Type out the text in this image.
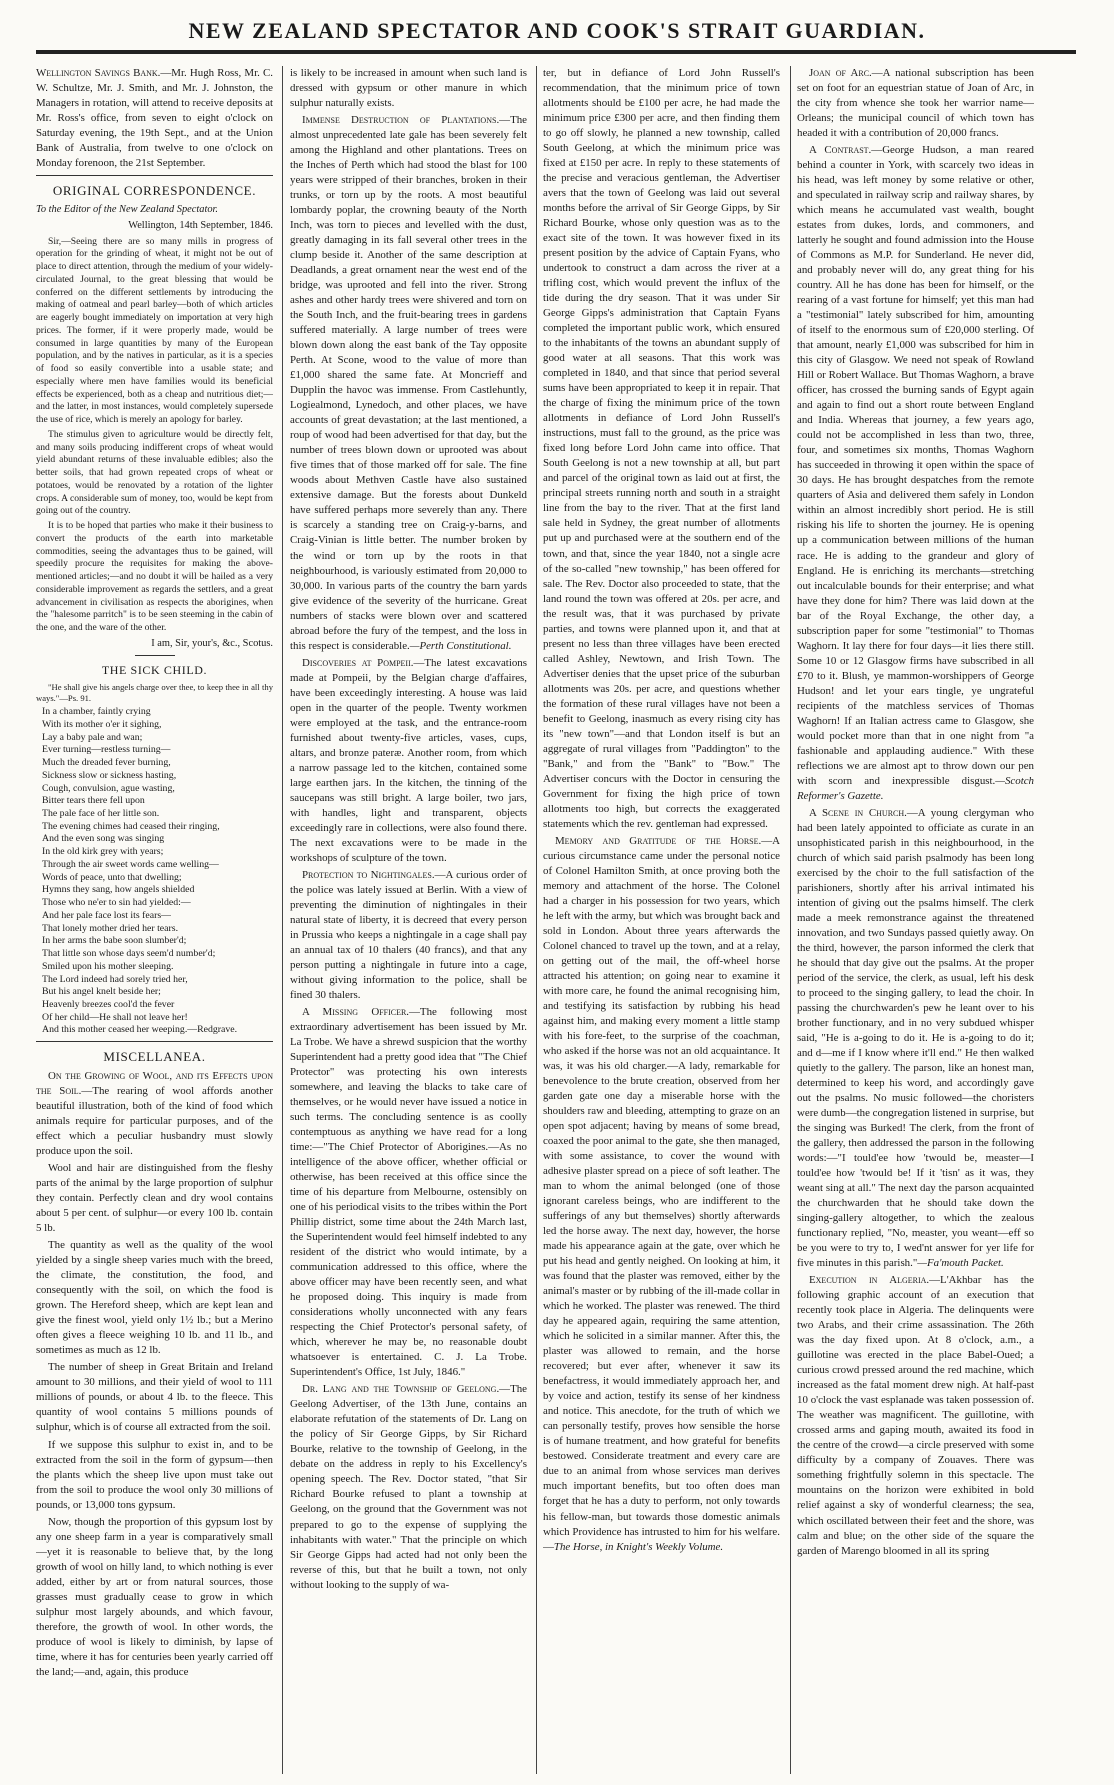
NEW ZEALAND SPECTATOR AND COOK'S STRAIT GUARDIAN.

Wellington Savings Bank.—Mr. Hugh Ross, Mr. C. W. Schultze, Mr. J. Smith, and Mr. J. Johnston, the Managers in rotation, will attend to receive deposits at Mr. Ross's office, from seven to eight o'clock on Saturday evening, the 19th Sept., and at the Union Bank of Australia, from twelve to one o'clock on Monday forenoon, the 21st September.

ORIGINAL CORRESPONDENCE.

To the Editor of the New Zealand Spectator.

Wellington, 14th September, 1846.

Sir,—Seeing there are so many mills in progress of operation for the grinding of wheat, it might not be out of place to direct attention, through the medium of your widely-circulated Journal, to the great blessing that would be conferred on the different settlements by introducing the making of oatmeal and pearl barley—both of which articles are eagerly bought immediately on importation at very high prices. The former, if it were properly made, would be consumed in large quantities by many of the European population, and by the natives in particular, as it is a species of food so easily convertible into a usable state; and especially where men have families would its beneficial effects be experienced, both as a cheap and nutritious diet;—and the latter, in most instances, would completely supersede the use of rice, which is merely an apology for barley.

The stimulus given to agriculture would be directly felt, and many soils producing indifferent crops of wheat would yield abundant returns of these invaluable edibles; also the better soils, that had grown repeated crops of wheat or potatoes, would be renovated by a rotation of the lighter crops. A considerable sum of money, too, would be kept from going out of the country.

It is to be hoped that parties who make it their business to convert the products of the earth into marketable commodities, seeing the advantages thus to be gained, will speedily procure the requisites for making the above-mentioned articles;—and no doubt it will be hailed as a very considerable improvement as regards the settlers, and a great advancement in civilisation as respects the aborigines, when the "halesome parritch" is to be seen steeming in the cabin of the one, and the ware of the other.

I am, Sir, your's, &c., Scotus.

THE SICK CHILD.

"He shall give his angels charge over thee, to keep thee in all thy ways."—Ps. 91.

In a chamber, faintly crying
With its mother o'er it sighing,
Lay a baby pale and wan;
Ever turning—restless turning—
Much the dreaded fever burning,
Sickness slow or sickness hasting,
Cough, convulsion, ague wasting,
Bitter tears there fell upon
The pale face of her little son.
The evening chimes had ceased their ringing,
And the even song was singing
In the old kirk grey with years;
Through the air sweet words came welling—
Words of peace, unto that dwelling;
Hymns they sang, how angels shielded
Those who ne'er to sin had yielded:—
And her pale face lost its fears—
That lonely mother dried her tears.
In her arms the babe soon slumber'd;
That little son whose days seem'd number'd;
Smiled upon his mother sleeping.
The Lord indeed had sorely tried her,
But his angel knelt beside her;
Heavenly breezes cool'd the fever
Of her child—He shall not leave her!
And this mother ceased her weeping.—Redgrave.
MISCELLANEA.

On the Growing of Wool, and its Effects upon the Soil.—The rearing of wool affords another beautiful illustration, both of the kind of food which animals require for particular purposes, and of the effect which a peculiar husbandry must slowly produce upon the soil.

Wool and hair are distinguished from the fleshy parts of the animal by the large proportion of sulphur they contain. Perfectly clean and dry wool contains about 5 per cent. of sulphur—or every 100 lb. contain 5 lb.

The quantity as well as the quality of the wool yielded by a single sheep varies much with the breed, the climate, the constitution, the food, and consequently with the soil, on which the food is grown. The Hereford sheep, which are kept lean and give the finest wool, yield only 1½ lb.; but a Merino often gives a fleece weighing 10 lb. and 11 lb., and sometimes as much as 12 lb.

The number of sheep in Great Britain and Ireland amount to 30 millions, and their yield of wool to 111 millions of pounds, or about 4 lb. to the fleece. This quantity of wool contains 5 millions pounds of sulphur, which is of course all extracted from the soil.

If we suppose this sulphur to exist in, and to be extracted from the soil in the form of gypsum—then the plants which the sheep live upon must take out from the soil to produce the wool only 30 millions of pounds, or 13,000 tons gypsum.

Now, though the proportion of this gypsum lost by any one sheep farm in a year is comparatively small—yet it is reasonable to believe that, by the long growth of wool on hilly land, to which nothing is ever added, either by art or from natural sources, those grasses must gradually cease to grow in which sulphur most largely abounds, and which favour, therefore, the growth of wool. In other words, the produce of wool is likely to diminish, by lapse of time, where it has for centuries been yearly carried off the land;—and, again, this produce

is likely to be increased in amount when such land is dressed with gypsum or other manure in which sulphur naturally exists.

Immense Destruction of Plantations.—The almost unprecedented late gale has been severely felt among the Highland and other plantations. Trees on the Inches of Perth which had stood the blast for 100 years were stripped of their branches, broken in their trunks, or torn up by the roots. A most beautiful lombardy poplar, the crowning beauty of the North Inch, was torn to pieces and levelled with the dust, greatly damaging in its fall several other trees in the clump beside it. Another of the same description at Deadlands, a great ornament near the west end of the bridge, was uprooted and fell into the river. Strong ashes and other hardy trees were shivered and torn on the South Inch, and the fruit-bearing trees in gardens suffered materially. A large number of trees were blown down along the east bank of the Tay opposite Perth. At Scone, wood to the value of more than £1,000 shared the same fate. At Moncrieff and Dupplin the havoc was immense. From Castlehuntly, Logiealmond, Lynedoch, and other places, we have accounts of great devastation; at the last mentioned, a roup of wood had been advertised for that day, but the number of trees blown down or uprooted was about five times that of those marked off for sale. The fine woods about Methven Castle have also sustained extensive damage. But the forests about Dunkeld have suffered perhaps more severely than any. There is scarcely a standing tree on Craig-y-barns, and Craig-Vinian is little better. The number broken by the wind or torn up by the roots in that neighbourhood, is variously estimated from 20,000 to 30,000. In various parts of the country the barn yards give evidence of the severity of the hurricane. Great numbers of stacks were blown over and scattered abroad before the fury of the tempest, and the loss in this respect is considerable.—Perth Constitutional.

Discoveries at Pompeii.—The latest excavations made at Pompeii, by the Belgian charge d'affaires, have been exceedingly interesting. A house was laid open in the quarter of the people. Twenty workmen were employed at the task, and the entrance-room furnished about twenty-five articles, vases, cups, altars, and bronze pateræ. Another room, from which a narrow passage led to the kitchen, contained some large earthen jars. In the kitchen, the tinning of the saucepans was still bright. A large boiler, two jars, with handles, light and transparent, objects exceedingly rare in collections, were also found there. The next excavations were to be made in the workshops of sculpture of the town.

Protection to Nightingales.—A curious order of the police was lately issued at Berlin. With a view of preventing the diminution of nightingales in their natural state of liberty, it is decreed that every person in Prussia who keeps a nightingale in a cage shall pay an annual tax of 10 thalers (40 francs), and that any person putting a nightingale in future into a cage, without giving information to the police, shall be fined 30 thalers.

A Missing Officer.—The following most extraordinary advertisement has been issued by Mr. La Trobe. We have a shrewd suspicion that the worthy Superintendent had a pretty good idea that "The Chief Protector" was protecting his own interests somewhere, and leaving the blacks to take care of themselves, or he would never have issued a notice in such terms. The concluding sentence is as coolly contemptuous as anything we have read for a long time:—"The Chief Protector of Aborigines.—As no intelligence of the above officer, whether official or otherwise, has been received at this office since the time of his departure from Melbourne, ostensibly on one of his periodical visits to the tribes within the Port Phillip district, some time about the 24th March last, the Superintendent would feel himself indebted to any resident of the district who would intimate, by a communication addressed to this office, where the above officer may have been recently seen, and what he proposed doing. This inquiry is made from considerations wholly unconnected with any fears respecting the Chief Protector's personal safety, of which, wherever he may be, no reasonable doubt whatsoever is entertained. C. J. La Trobe. Superintendent's Office, 1st July, 1846."

Dr. Lang and the Township of Geelong.—The Geelong Advertiser, of the 13th June, contains an elaborate refutation of the statements of Dr. Lang on the policy of Sir George Gipps, by Sir Richard Bourke, relative to the township of Geelong, in the debate on the address in reply to his Excellency's opening speech. The Rev. Doctor stated, "that Sir Richard Bourke refused to plant a township at Geelong, on the ground that the Government was not prepared to go to the expense of supplying the inhabitants with water." That the principle on which Sir George Gipps had acted had not only been the reverse of this, but that he built a town, not only without looking to the supply of wa-

ter, but in defiance of Lord John Russell's recommendation, that the minimum price of town allotments should be £100 per acre, he had made the minimum price £300 per acre, and then finding them to go off slowly, he planned a new township, called South Geelong, at which the minimum price was fixed at £150 per acre. In reply to these statements of the precise and veracious gentleman, the Advertiser avers that the town of Geelong was laid out several months before the arrival of Sir George Gipps, by Sir Richard Bourke, whose only question was as to the exact site of the town. It was however fixed in its present position by the advice of Captain Fyans, who undertook to construct a dam across the river at a trifling cost, which would prevent the influx of the tide during the dry season. That it was under Sir George Gipps's administration that Captain Fyans completed the important public work, which ensured to the inhabitants of the towns an abundant supply of good water at all seasons. That this work was completed in 1840, and that since that period several sums have been appropriated to keep it in repair. That the charge of fixing the minimum price of the town allotments in defiance of Lord John Russell's instructions, must fall to the ground, as the price was fixed long before Lord John came into office. That South Geelong is not a new township at all, but part and parcel of the original town as laid out at first, the principal streets running north and south in a straight line from the bay to the river. That at the first land sale held in Sydney, the great number of allotments put up and purchased were at the southern end of the town, and that, since the year 1840, not a single acre of the so-called "new township," has been offered for sale. The Rev. Doctor also proceeded to state, that the land round the town was offered at 20s. per acre, and the result was, that it was purchased by private parties, and towns were planned upon it, and that at present no less than three villages have been erected called Ashley, Newtown, and Irish Town. The Advertiser denies that the upset price of the suburban allotments was 20s. per acre, and questions whether the formation of these rural villages have not been a benefit to Geelong, inasmuch as every rising city has its "new town"—and that London itself is but an aggregate of rural villages from "Paddington" to the "Bank," and from the "Bank" to "Bow." The Advertiser concurs with the Doctor in censuring the Government for fixing the high price of town allotments too high, but corrects the exaggerated statements which the rev. gentleman had expressed.

Memory and Gratitude of the Horse.—A curious circumstance came under the personal notice of Colonel Hamilton Smith, at once proving both the memory and attachment of the horse. The Colonel had a charger in his possession for two years, which he left with the army, but which was brought back and sold in London. About three years afterwards the Colonel chanced to travel up the town, and at a relay, on getting out of the mail, the off-wheel horse attracted his attention; on going near to examine it with more care, he found the animal recognising him, and testifying its satisfaction by rubbing his head against him, and making every moment a little stamp with his fore-feet, to the surprise of the coachman, who asked if the horse was not an old acquaintance. It was, it was his old charger.—A lady, remarkable for benevolence to the brute creation, observed from her garden gate one day a miserable horse with the shoulders raw and bleeding, attempting to graze on an open spot adjacent; having by means of some bread, coaxed the poor animal to the gate, she then managed, with some assistance, to cover the wound with adhesive plaster spread on a piece of soft leather. The man to whom the animal belonged (one of those ignorant careless beings, who are indifferent to the sufferings of any but themselves) shortly afterwards led the horse away. The next day, however, the horse made his appearance again at the gate, over which he put his head and gently neighed. On looking at him, it was found that the plaster was removed, either by the animal's master or by rubbing of the ill-made collar in which he worked. The plaster was renewed. The third day he appeared again, requiring the same attention, which he solicited in a similar manner. After this, the plaster was allowed to remain, and the horse recovered; but ever after, whenever it saw its benefactress, it would immediately approach her, and by voice and action, testify its sense of her kindness and notice. This anecdote, for the truth of which we can personally testify, proves how sensible the horse is of humane treatment, and how grateful for benefits bestowed. Considerate treatment and every care are due to an animal from whose services man derives much important benefits, but too often does man forget that he has a duty to perform, not only towards his fellow-man, but towards those domestic animals which Providence has intrusted to him for his welfare.—The Horse, in Knight's Weekly Volume.

Joan of Arc.—A national subscription has been set on foot for an equestrian statue of Joan of Arc, in the city from whence she took her warrior name—Orleans; the municipal council of which town has headed it with a contribution of 20,000 francs.

A Contrast.—George Hudson, a man reared behind a counter in York, with scarcely two ideas in his head, was left money by some relative or other, and speculated in railway scrip and railway shares, by which means he accumulated vast wealth, bought estates from dukes, lords, and commoners, and latterly he sought and found admission into the House of Commons as M.P. for Sunderland. He never did, and probably never will do, any great thing for his country. All he has done has been for himself, or the rearing of a vast fortune for himself; yet this man had a "testimonial" lately subscribed for him, amounting of itself to the enormous sum of £20,000 sterling. Of that amount, nearly £1,000 was subscribed for him in this city of Glasgow. We need not speak of Rowland Hill or Robert Wallace. But Thomas Waghorn, a brave officer, has crossed the burning sands of Egypt again and again to find out a short route between England and India. Whereas that journey, a few years ago, could not be accomplished in less than two, three, four, and sometimes six months, Thomas Waghorn has succeeded in throwing it open within the space of 30 days. He has brought despatches from the remote quarters of Asia and delivered them safely in London within an almost incredibly short period. He is still risking his life to shorten the journey. He is opening up a communication between millions of the human race. He is adding to the grandeur and glory of England. He is enriching its merchants—stretching out incalculable bounds for their enterprise; and what have they done for him? There was laid down at the bar of the Royal Exchange, the other day, a subscription paper for some "testimonial" to Thomas Waghorn. It lay there for four days—it lies there still. Some 10 or 12 Glasgow firms have subscribed in all £70 to it. Blush, ye mammon-worshippers of George Hudson! and let your ears tingle, ye ungrateful recipients of the matchless services of Thomas Waghorn! If an Italian actress came to Glasgow, she would pocket more than that in one night from "a fashionable and applauding audience." With these reflections we are almost apt to throw down our pen with scorn and inexpressible disgust.—Scotch Reformer's Gazette.

A Scene in Church.—A young clergyman who had been lately appointed to officiate as curate in an unsophisticated parish in this neighbourhood, in the church of which said parish psalmody has been long exercised by the choir to the full satisfaction of the parishioners, shortly after his arrival intimated his intention of giving out the psalms himself. The clerk made a meek remonstrance against the threatened innovation, and two Sundays passed quietly away. On the third, however, the parson informed the clerk that he should that day give out the psalms. At the proper period of the service, the clerk, as usual, left his desk to proceed to the singing gallery, to lead the choir. In passing the churchwarden's pew he leant over to his brother functionary, and in no very subdued whisper said, "He is a-going to do it. He is a-going to do it; and d—me if I know where it'll end." He then walked quietly to the gallery. The parson, like an honest man, determined to keep his word, and accordingly gave out the psalms. No music followed—the choristers were dumb—the congregation listened in surprise, but the singing was Burked! The clerk, from the front of the gallery, then addressed the parson in the following words:—"I tould'ee how 'twould be, measter—I tould'ee how 'twould be! If it 'tisn' as it was, they weant sing at all." The next day the parson acquainted the churchwarden that he should take down the singing-gallery altogether, to which the zealous functionary replied, "No, measter, you weant—eff so be you were to try to, I wed'nt answer for yer life for five minutes in this parish."—Fa'mouth Packet.

Execution in Algeria.—L'Akhbar has the following graphic account of an execution that recently took place in Algeria. The delinquents were two Arabs, and their crime assassination. The 26th was the day fixed upon. At 8 o'clock, a.m., a guillotine was erected in the place Babel-Oued; a curious crowd pressed around the red machine, which increased as the fatal moment drew nigh. At half-past 10 o'clock the vast esplanade was taken possession of. The weather was magnificent. The guillotine, with crossed arms and gaping mouth, awaited its food in the centre of the crowd—a circle preserved with some difficulty by a company of Zouaves. There was something frightfully solemn in this spectacle. The mountains on the horizon were exhibited in bold relief against a sky of wonderful clearness; the sea, which oscillated between their feet and the shore, was calm and blue; on the other side of the square the garden of Marengo bloomed in all its spring
